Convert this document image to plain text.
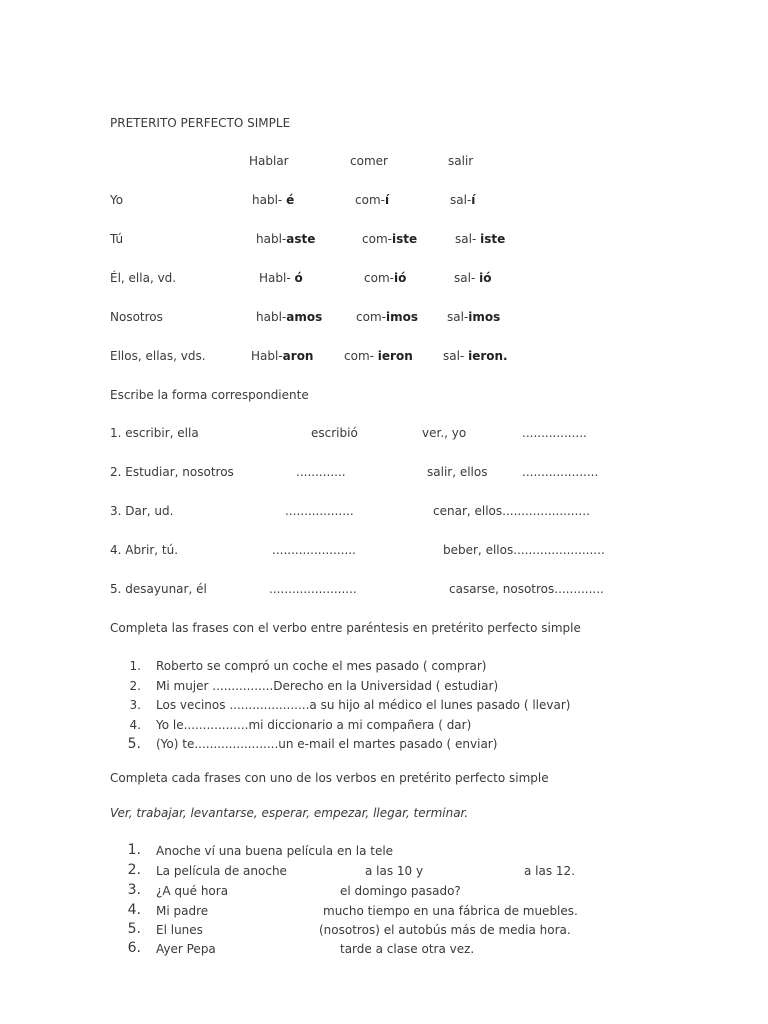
PRETERITO PERFECTO SIMPLE
Hablar	comer	salir
Yo	habl- é	com-í	sal-í
Tú	habl-aste	com-iste	sal- iste
Él, ella, vd.	Habl- ó	com-ió	sal- ió
Nosotros	habl-amos	com-imos sal-imos
Ellos, ellas, vds.	Habl-aron	com- ieron	sal- ieron.
Escribe la forma correspondiente
1. escribir, ella	escribió	ver., yo	.................
2. Estudiar, nosotros	.............	salir, ellos	....................
3. Dar, ud.	..................	cenar, ellos.......................
4. Abrir, tú.	......................	beber, ellos........................
5. desayunar, él	.......................	casarse, nosotros.............
Completa las frases con el verbo entre paréntesis en pretérito perfecto simple
1. Roberto se compró un coche el mes pasado ( comprar)
2. Mi mujer ................Derecho en la Universidad ( estudiar)
3. Los vecinos .....................a su hijo al médico el lunes pasado ( llevar)
4. Yo le.................mi diccionario a mi compañera ( dar)
5. (Yo) te......................un e-mail el martes pasado ( enviar)
Completa cada frases con uno de los verbos en pretérito perfecto simple
Ver, trabajar, levantarse, esperar, empezar, llegar, terminar.
1. Anoche ví una buena película en la tele
2. La película de anoche	a las 10 y	a las 12.
3. ¿A qué hora	el domingo pasado?
4. Mi padre	mucho tiempo en una fábrica de muebles.
5. El lunes	(nosotros) el autobús más de media hora.
6. Ayer Pepa	tarde a clase otra vez.
